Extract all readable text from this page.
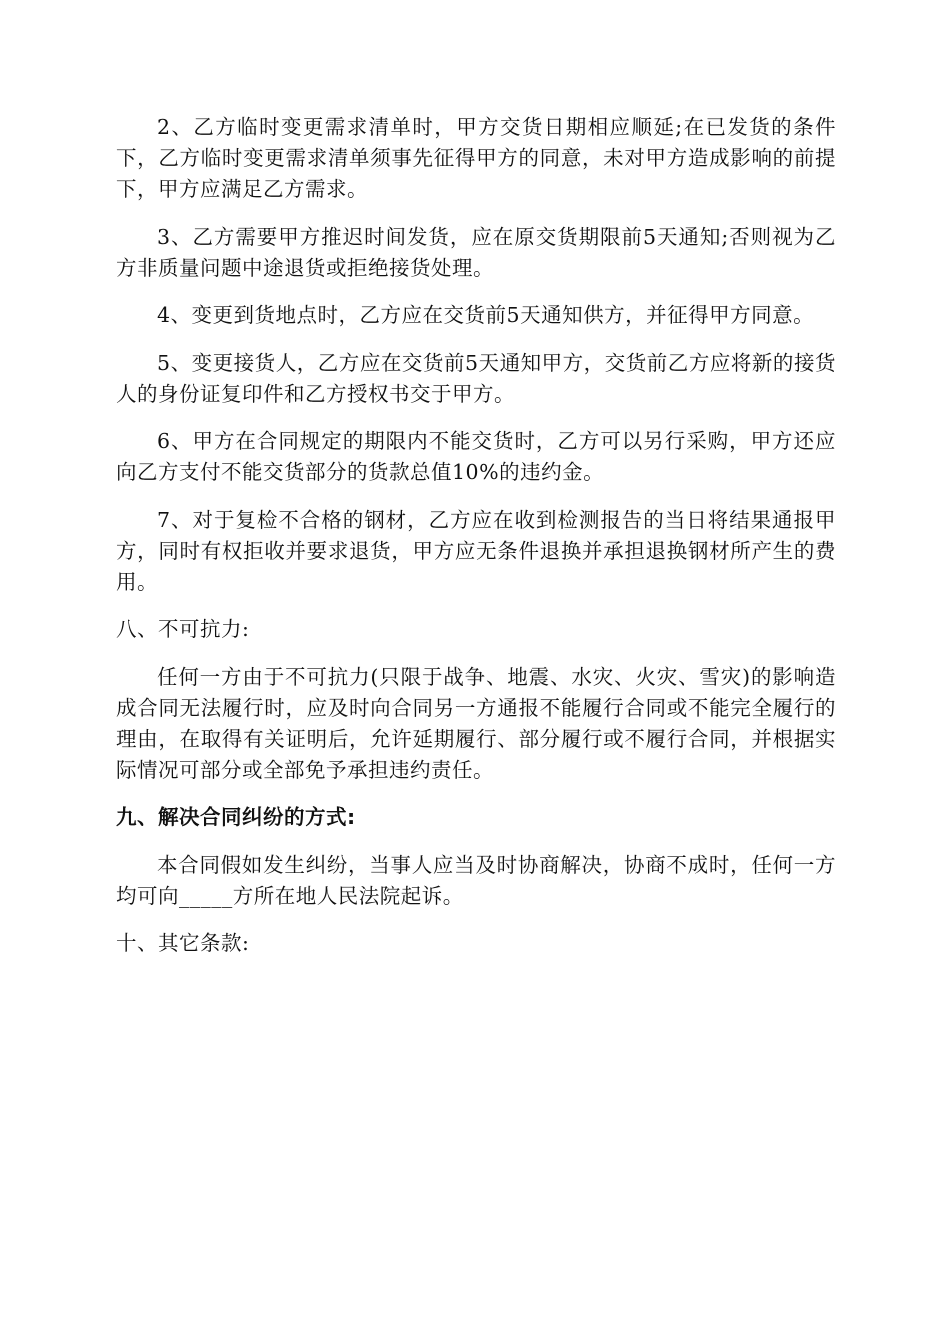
2、乙方临时变更需求清单时，甲方交货日期相应顺延;在已发货的条件下，乙方临时变更需求清单须事先征得甲方的同意，未对甲方造成影响的前提下，甲方应满足乙方需求。

3、乙方需要甲方推迟时间发货，应在原交货期限前5天通知;否则视为乙方非质量问题中途退货或拒绝接货处理。

4、变更到货地点时，乙方应在交货前5天通知供方，并征得甲方同意。

5、变更接货人，乙方应在交货前5天通知甲方，交货前乙方应将新的接货人的身份证复印件和乙方授权书交于甲方。

6、甲方在合同规定的期限内不能交货时，乙方可以另行采购，甲方还应向乙方支付不能交货部分的货款总值10%的违约金。

7、对于复检不合格的钢材，乙方应在收到检测报告的当日将结果通报甲方，同时有权拒收并要求退货，甲方应无条件退换并承担退换钢材所产生的费用。

八、不可抗力:

任何一方由于不可抗力(只限于战争、地震、水灾、火灾、雪灾)的影响造成合同无法履行时，应及时向合同另一方通报不能履行合同或不能完全履行的理由，在取得有关证明后，允许延期履行、部分履行或不履行合同，并根据实际情况可部分或全部免予承担违约责任。

九、解决合同纠纷的方式:

本合同假如发生纠纷，当事人应当及时协商解决，协商不成时，任何一方均可向_____方所在地人民法院起诉。

十、其它条款:
